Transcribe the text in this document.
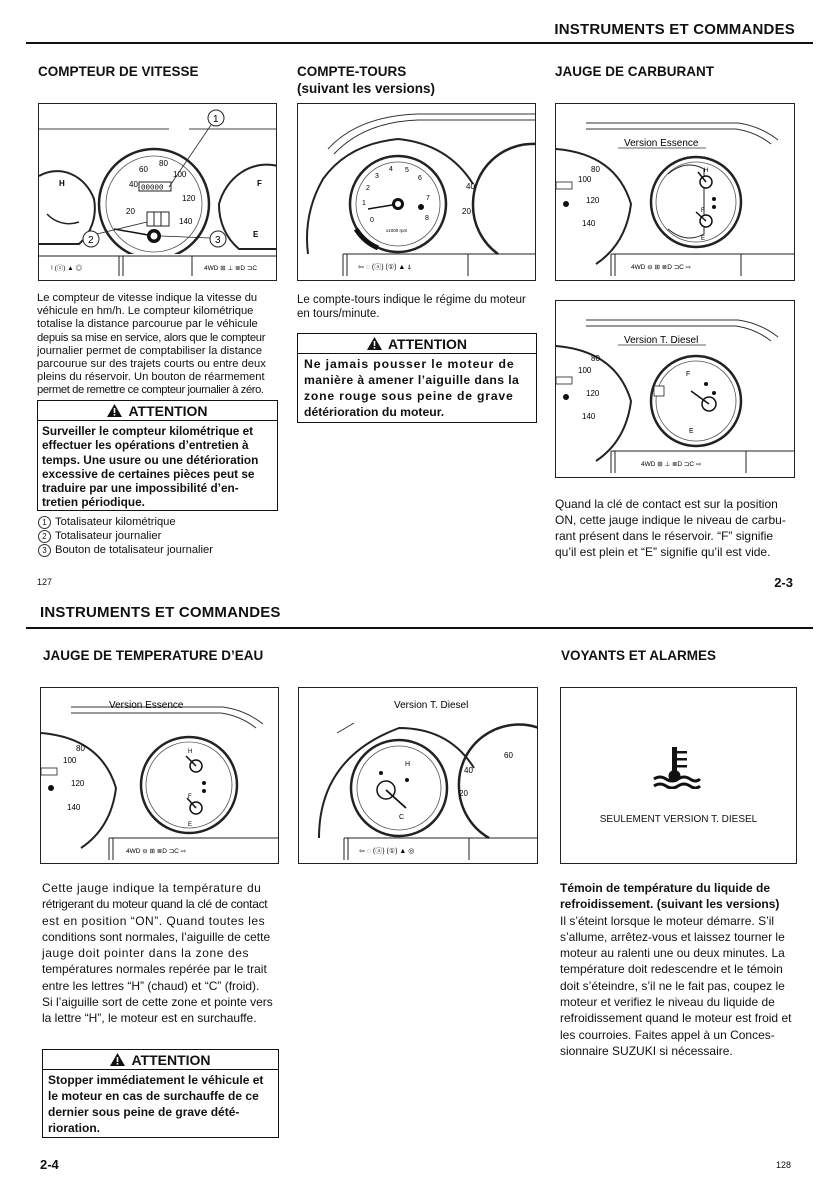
INSTRUMENTS ET COMMANDES
COMPTEUR DE VITESSE	COMPTE-TOURS
(suivant les versions)
JAUGE DE CARBURANT
H	F
E
20
40
60
80
100
120
140
00000
1
2	3
! (ⓐ) ▲ ◎	4WD ⊞ ⊥ ≣D ⊐C
Le compteur de vitesse indique la vitesse du
véhicule en hm/h. Le compteur kilométrique
totalise la distance parcourue par le véhicule
depuis sa mise en service, alors que le compteur
journalier permet de comptabiliser la distance
parcourue sur des trajets courts ou entre deux
pleins du réservoir. Un bouton de réarmement
permet de remettre ce compteur journalier à zéro.
ATTENTION
Surveiller le compteur kilométrique et
effectuer les opérations d’entretien à
temps. Une usure ou une détérioration
excessive de certaines pièces peut se
traduire par une impossibilité d’en-
tretien périodique.
1 Totalisateur kilométrique
2 Totalisateur journalier
3 Bouton de totalisateur journalier
0
1
2
3
4 5
6
7
8
x1000 rpm
40
20
⇦ ◌ (ⓐ) (①) ▲ ⍋
Le compte-tours indique le régime du moteur
en tours/minute.
ATTENTION
Ne jamais pousser le moteur de
manière à amener l’aiguille dans la
zone rouge sous peine de grave
détérioration du moteur.
Version Essence
80
100
120
140
H
F
E
4WD ⊖ ⊞ ≣D ⊐C ⇨
Version T. Diesel
80
100
120
140
F
E
4WD ⊞ ⊥ ≣D ⊐C ⇨
Quand la clé de contact est sur la position
ON, cette jauge indique le niveau de carbu-
rant présent dans le réservoir. “F” signifie
qu’il est plein et “E” signifie qu’il est vide.
127	2-3
INSTRUMENTS ET COMMANDES
JAUGE DE TEMPERATURE D’EAU	VOYANTS ET ALARMES
Version Essence
80
100
120
140
H
F
E
4WD ⊖ ⊞ ≣D ⊐C ⇨
Version T. Diesel
H
C
40
20
60
⇦ ◌ (ⓐ) (①) ▲ ◎
SEULEMENT VERSION T. DIESEL
Cette jauge indique la température du
rétrigerant du moteur quand la clé de contact
est en position “ON”. Quand toutes les
conditions sont normales, l’aiguille de cette
jauge doit pointer dans la zone des
températures normales repérée par le trait
entre les lettres “H” (chaud) et “C” (froid).
Si l’aiguille sort de cette zone et pointe vers
la lettre “H”, le moteur est en surchauffe.
ATTENTION
Stopper immédiatement le véhicule et
le moteur en cas de surchauffe de ce
dernier sous peine de grave dété-
rioration.
Témoin de température du liquide de
refroidissement. (suivant les versions)
Il s’éteint lorsque le moteur démarre. S’il
s’allume, arrêtez-vous et laissez tourner le
moteur au ralenti une ou deux minutes. La
température doit redescendre et le témoin
doit s’éteindre, s’il ne le fait pas, coupez le
moteur et verifiez le niveau du liquide de
refroidissement quand le moteur est froid et
les courroies. Faites appel à un Conces-
sionnaire SUZUKI si nécessaire.
2-4	128
